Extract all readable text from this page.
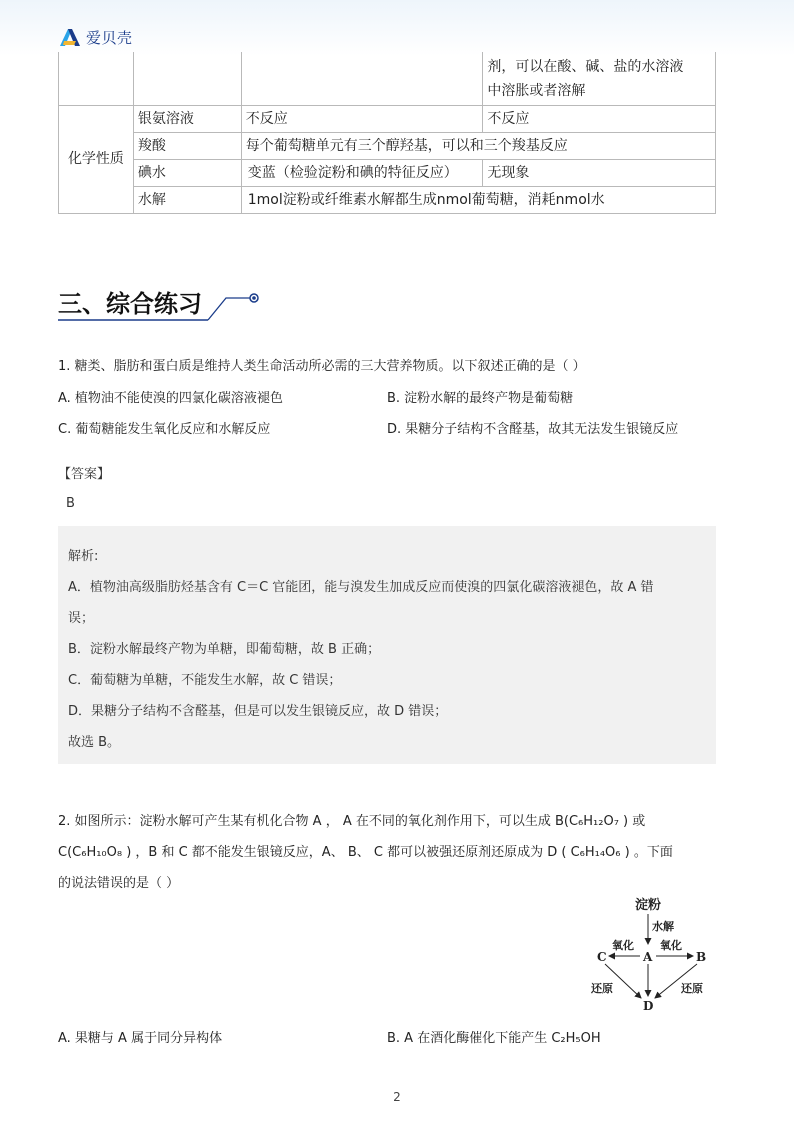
爱贝壳

			剂，可以在酸、碱、盐的水溶液
中溶胀或者溶解

化学性质	银氨溶液	不反应	不反应
	羧酸	每个葡萄糖单元有三个醇羟基，可以和三个羧基反应	
	碘水	变蓝（检验淀粉和碘的特征反应）	无现象
	水解	1mol淀粉或纤维素水解都生成nmol葡萄糖，消耗nmol水	
三、综合练习
1. 糖类、脂肪和蛋白质是维持人类生命活动所必需的三大营养物质。以下叙述正确的是（ ）
A. 植物油不能使溴的四氯化碳溶液褪色	B. 淀粉水解的最终产物是葡萄糖
C. 葡萄糖能发生氧化反应和水解反应	D. 果糖分子结构不含醛基，故其无法发生银镜反应
【答案】
B
解析:
A．植物油高级脂肪烃基含有 C＝C 官能团，能与溴发生加成反应而使溴的四氯化碳溶液褪色，故 A 错
误；
B．淀粉水解最终产物为单糖，即葡萄糖，故 B 正确；
C．葡萄糖为单糖，不能发生水解，故 C 错误；
D．果糖分子结构不含醛基，但是可以发生银镜反应，故 D 错误；
故选 B。
2. 如图所示：淀粉水解可产生某有机化合物 A ， A 在不同的氧化剂作用下，可以生成 B(C₆H₁₂O₇ ) 或
C(C₆H₁₀O₈ ) ，B 和 C 都不能发生银镜反应，A、 B、 C 都可以被强还原剂还原成为 D ( C₆H₁₄O₆ ) 。下面
的说法错误的是（ ）
淀粉
水解
A
C	B
D
氧化 氧化
还原	还原
A. 果糖与 A 属于同分异构体	B. A 在酒化酶催化下能产生 C₂H₅OH
2
